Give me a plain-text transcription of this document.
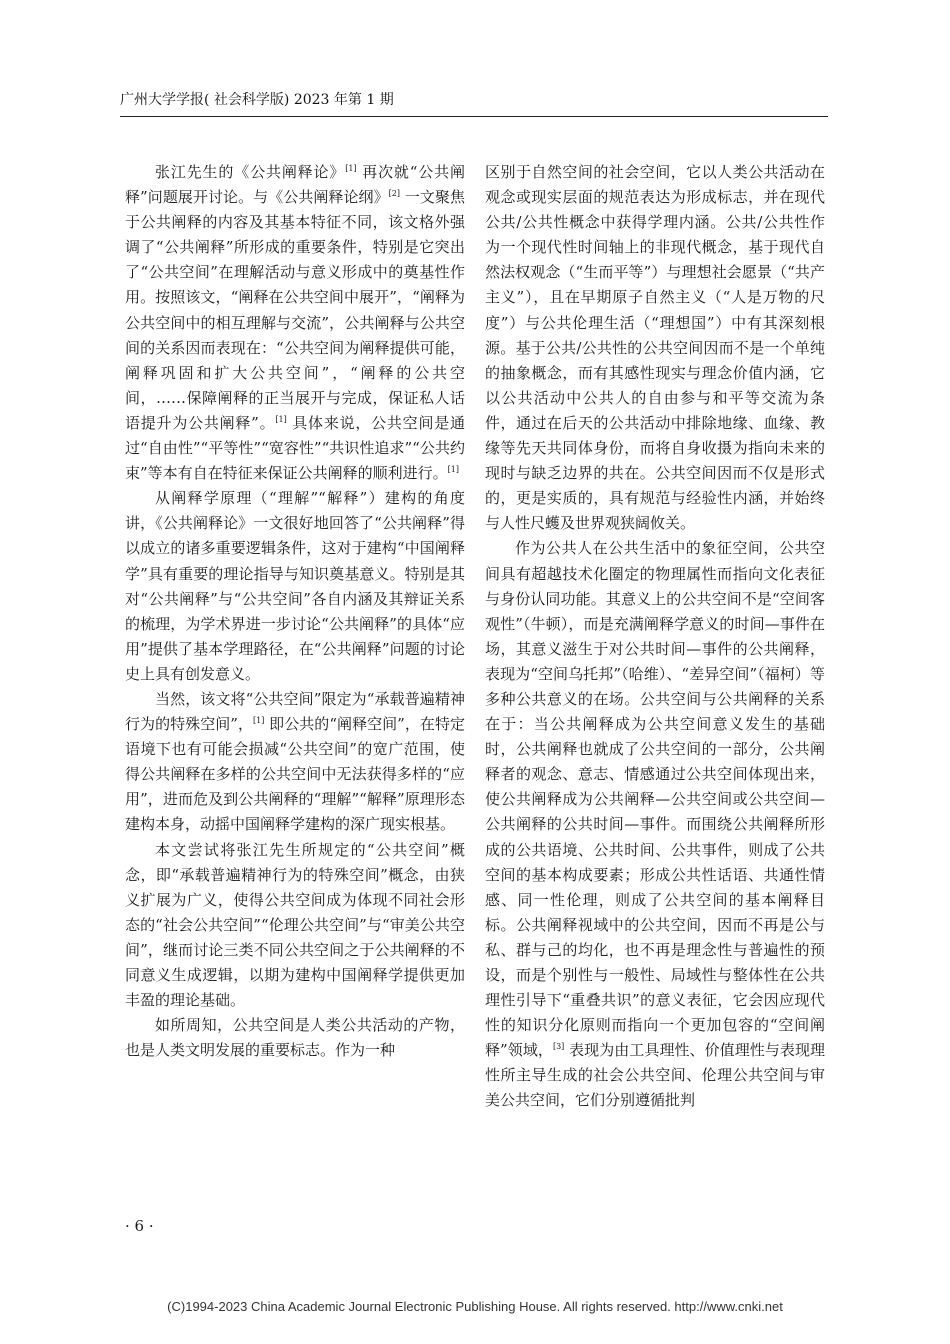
广州大学学报( 社会科学版) 2023 年第 1 期

张江先生的《公共阐释论》[1] 再次就“公共阐释”问题展开讨论。与《公共阐释论纲》[2] 一文聚焦于公共阐释的内容及其基本特征不同，该文格外强调了“公共阐释”所形成的重要条件，特别是它突出了“公共空间”在理解活动与意义形成中的奠基性作用。按照该文，“阐释在公共空间中展开”，“阐释为公共空间中的相互理解与交流”，公共阐释与公共空间的关系因而表现在：“公共空间为阐释提供可能，阐释巩固和扩大公共空间”，“阐释的公共空间，……保障阐释的正当展开与完成，保证私人话语提升为公共阐释”。[1] 具体来说，公共空间是通过“自由性”“平等性”“宽容性”“共识性追求”“公共约束”等本有自在特征来保证公共阐释的顺利进行。[1]

从阐释学原理（“理解”“解释”）建构的角度讲，《公共阐释论》一文很好地回答了“公共阐释”得以成立的诸多重要逻辑条件，这对于建构“中国阐释学”具有重要的理论指导与知识奠基意义。特别是其对“公共阐释”与“公共空间”各自内涵及其辩证关系的梳理，为学术界进一步讨论“公共阐释”的具体“应用”提供了基本学理路径，在“公共阐释”问题的讨论史上具有创发意义。

当然，该文将“公共空间”限定为“承载普遍精神行为的特殊空间”，[1] 即公共的“阐释空间”，在特定语境下也有可能会损减“公共空间”的宽广范围，使得公共阐释在多样的公共空间中无法获得多样的“应用”，进而危及到公共阐释的“理解”“解释”原理形态建构本身，动摇中国阐释学建构的深广现实根基。

本文尝试将张江先生所规定的“公共空间”概念，即“承载普遍精神行为的特殊空间”概念，由狭义扩展为广义，使得公共空间成为体现不同社会形态的“社会公共空间”“伦理公共空间”与“审美公共空间”，继而讨论三类不同公共空间之于公共阐释的不同意义生成逻辑，以期为建构中国阐释学提供更加丰盈的理论基础。

如所周知，公共空间是人类公共活动的产物，也是人类文明发展的重要标志。作为一种

区别于自然空间的社会空间，它以人类公共活动在观念或现实层面的规范表达为形成标志，并在现代公共/公共性概念中获得学理内涵。公共/公共性作为一个现代性时间轴上的非现代概念，基于现代自然法权观念（“生而平等”）与理想社会愿景（“共产主义”），且在早期原子自然主义（“人是万物的尺度”）与公共伦理生活（“理想国”）中有其深刻根源。基于公共/公共性的公共空间因而不是一个单纯的抽象概念，而有其感性现实与理念价值内涵，它以公共活动中公共人的自由参与和平等交流为条件，通过在后天的公共活动中排除地缘、血缘、教缘等先天共同体身份，而将自身收摄为指向未来的现时与缺乏边界的共在。公共空间因而不仅是形式的，更是实质的，具有规范与经验性内涵，并始终与人性尺蠖及世界观狭阔攸关。

作为公共人在公共生活中的象征空间，公共空间具有超越技术化圈定的物理属性而指向文化表征与身份认同功能。其意义上的公共空间不是“空间客观性”（牛顿），而是充满阐释学意义的时间—事件在场，其意义滋生于对公共时间—事件的公共阐释，表现为“空间乌托邦”（哈维）、“差异空间”（福柯）等多种公共意义的在场。公共空间与公共阐释的关系在于：当公共阐释成为公共空间意义发生的基础时，公共阐释也就成了公共空间的一部分，公共阐释者的观念、意志、情感通过公共空间体现出来，使公共阐释成为公共阐释—公共空间或公共空间—公共阐释的公共时间—事件。而围绕公共阐释所形成的公共语境、公共时间、公共事件，则成了公共空间的基本构成要素；形成公共性话语、共通性情感、同一性伦理，则成了公共空间的基本阐释目标。公共阐释视域中的公共空间，因而不再是公与私、群与己的均化，也不再是理念性与普遍性的预设，而是个别性与一般性、局域性与整体性在公共理性引导下“重叠共识”的意义表征，它会因应现代性的知识分化原则而指向一个更加包容的“空间阐释”领域，[3] 表现为由工具理性、价值理性与表现理性所主导生成的社会公共空间、伦理公共空间与审美公共空间，它们分别遵循批判

· 6 ·
(C)1994-2023 China Academic Journal Electronic Publishing House. All rights reserved. http://www.cnki.net
